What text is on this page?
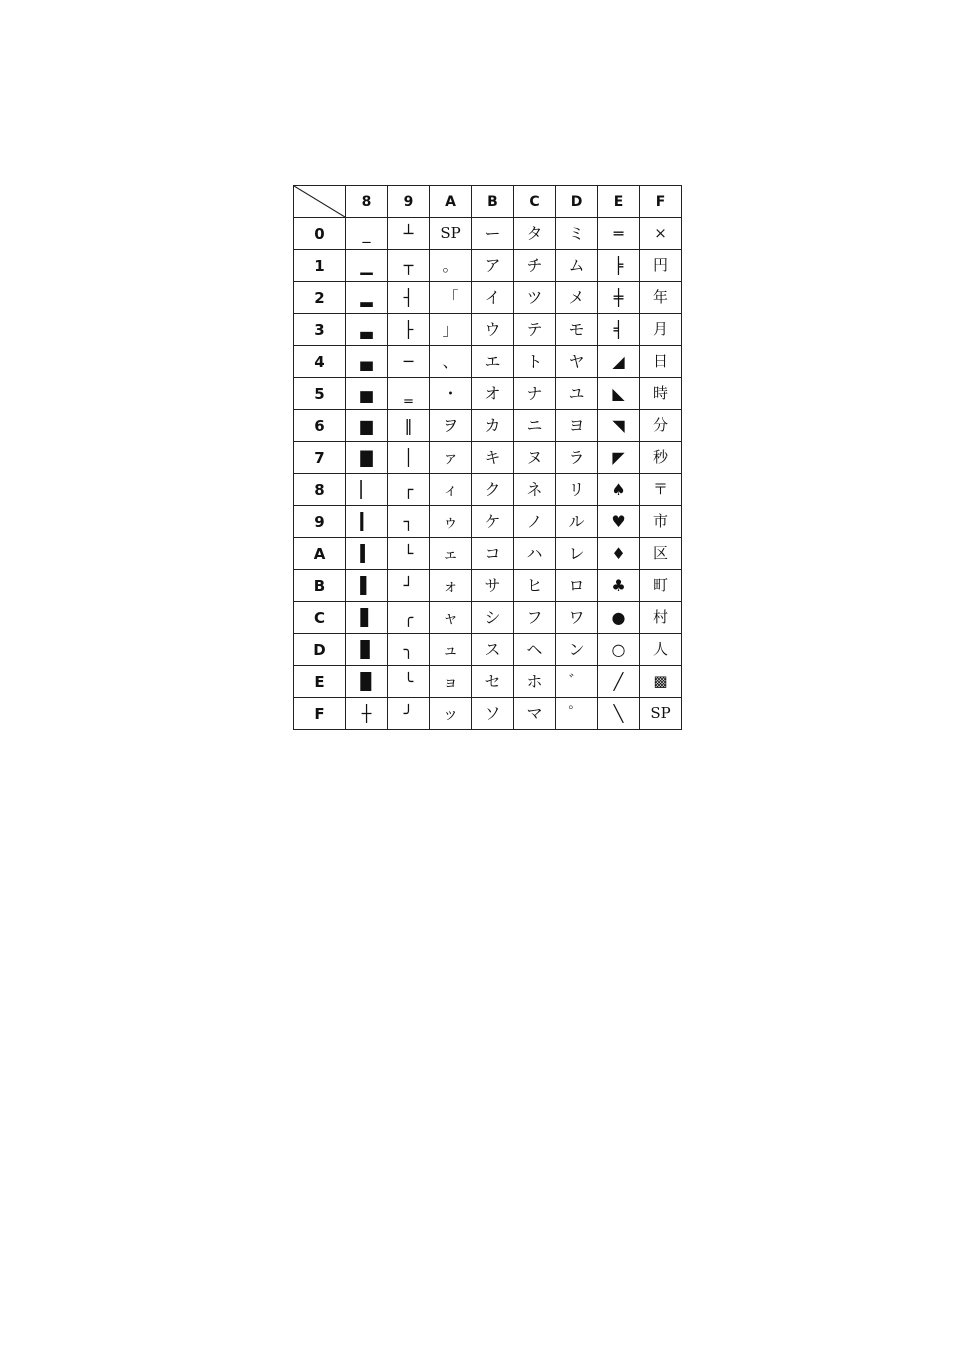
	8	9	A	B	C	D	E	F
0	_	┴	SP	ー	タ	ミ	═	×
1	▁	┬	。	ア	チ	ム	╞	円
2	▂	┤	「	イ	ツ	メ	╪	年
3	▃	├	」	ウ	テ	モ	╡	月
4	▄	─	、	エ	ト	ヤ	◢	日
5	▅	‗	・	オ	ナ	ユ	◣	時
6	▆	‖	ヲ	カ	ニ	ヨ	◥	分
7	▇	│	ァ	キ	ヌ	ラ	◤	秒
8	▏	┌	ィ	ク	ネ	リ	♠	〒
9	▎	┐	ゥ	ケ	ノ	ル	♥	市
A	▍	└	ェ	コ	ハ	レ	♦	区
B	▌	┘	ォ	サ	ヒ	ロ	♣	町
C	▋	╭	ャ	シ	フ	ワ	●	村
D	▊	╮	ュ	ス	ヘ	ン	○	人
E	▉	╰	ョ	セ	ホ	゛	╱	▩
F	┼	╯	ッ	ソ	マ	゜	╲	SP
